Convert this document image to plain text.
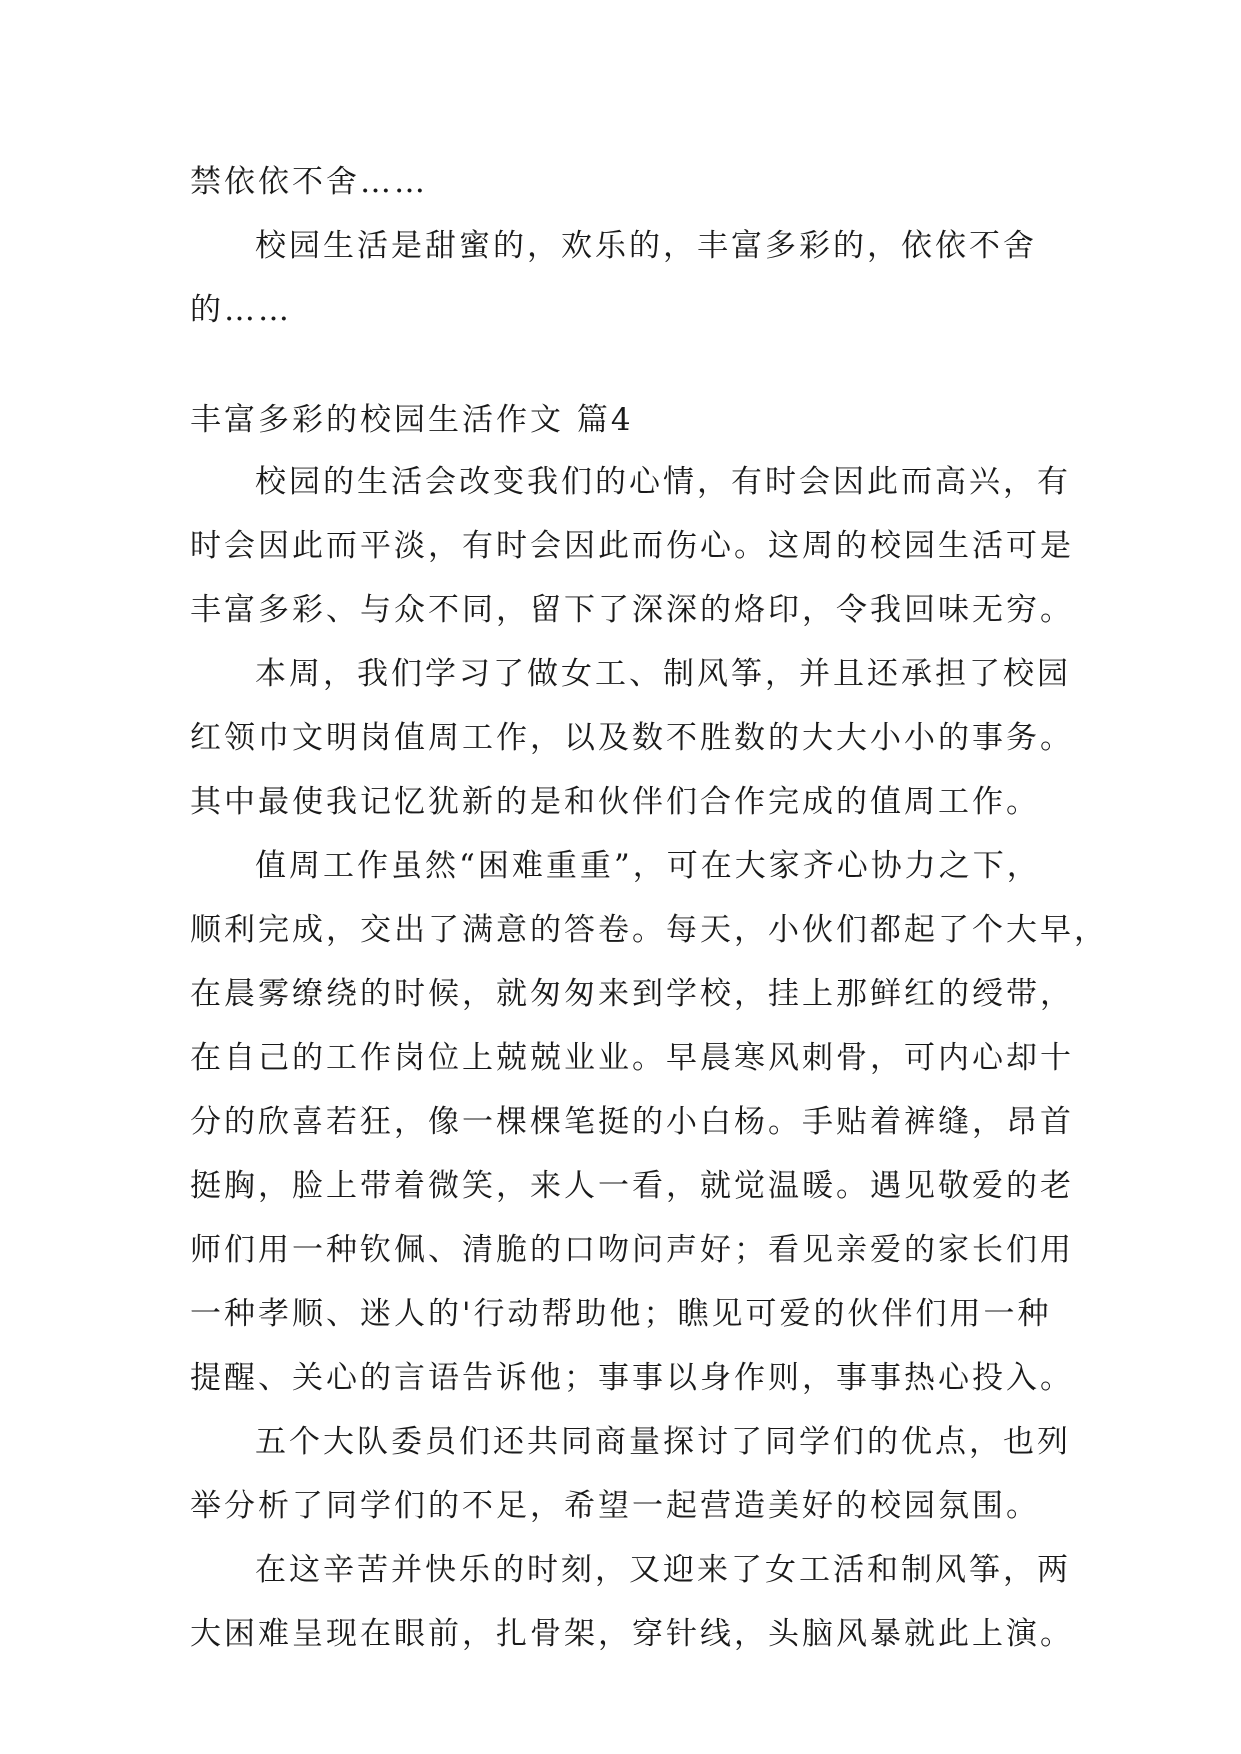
禁依依不舍……
校园生活是甜蜜的，欢乐的，丰富多彩的，依依不舍
的……
丰富多彩的校园生活作文 篇4
校园的生活会改变我们的心情，有时会因此而高兴，有
时会因此而平淡，有时会因此而伤心。这周的校园生活可是
丰富多彩、与众不同，留下了深深的烙印，令我回味无穷。
本周，我们学习了做女工、制风筝，并且还承担了校园
红领巾文明岗值周工作，以及数不胜数的大大小小的事务。
其中最使我记忆犹新的是和伙伴们合作完成的值周工作。
值周工作虽然“困难重重”，可在大家齐心协力之下，
顺利完成，交出了满意的答卷。每天，小伙们都起了个大早，
在晨雾缭绕的时候，就匆匆来到学校，挂上那鲜红的绶带，
在自己的工作岗位上兢兢业业。早晨寒风刺骨，可内心却十
分的欣喜若狂，像一棵棵笔挺的小白杨。手贴着裤缝，昂首
挺胸，脸上带着微笑，来人一看，就觉温暖。遇见敬爱的老
师们用一种钦佩、清脆的口吻问声好；看见亲爱的家长们用
一种孝顺、迷人的'行动帮助他；瞧见可爱的伙伴们用一种
提醒、关心的言语告诉他；事事以身作则，事事热心投入。
五个大队委员们还共同商量探讨了同学们的优点，也列
举分析了同学们的不足，希望一起营造美好的校园氛围。
在这辛苦并快乐的时刻，又迎来了女工活和制风筝，两
大困难呈现在眼前，扎骨架，穿针线，头脑风暴就此上演。
